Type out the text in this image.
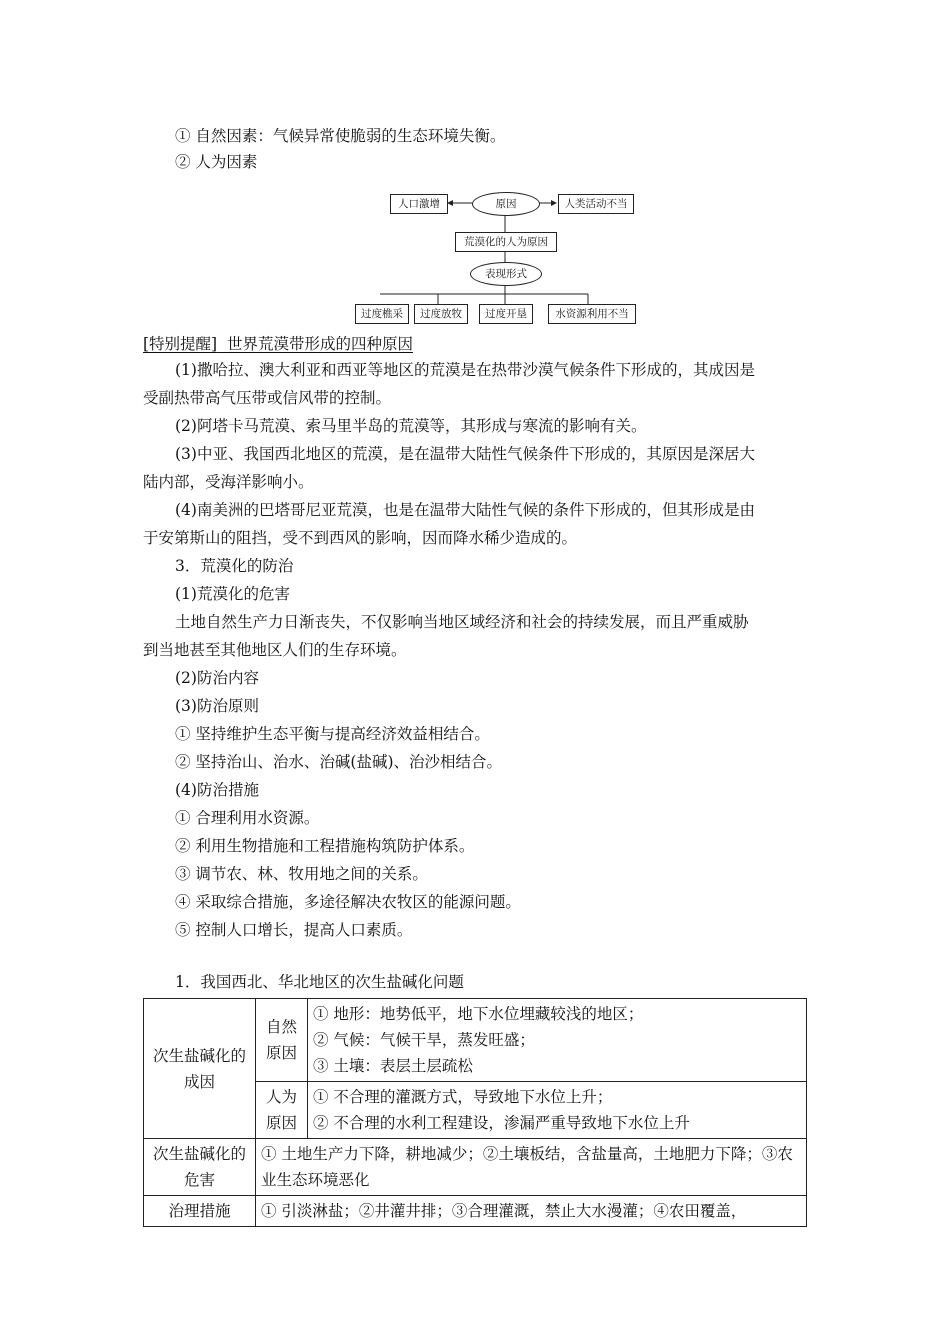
① 自然因素：气候异常使脆弱的生态环境失衡。
② 人为因素
原因
人口激增	人类活动不当
荒漠化的人为原因
表现形式
过度樵采	过度放牧	过度开垦	水资源利用不当
[特别提醒] 世界荒漠带形成的四种原因
(1)撒哈拉、澳大利亚和西亚等地区的荒漠是在热带沙漠气候条件下形成的，其成因是
受副热带高气压带或信风带的控制。
(2)阿塔卡马荒漠、索马里半岛的荒漠等，其形成与寒流的影响有关。
(3)中亚、我国西北地区的荒漠，是在温带大陆性气候条件下形成的，其原因是深居大
陆内部，受海洋影响小。
(4)南美洲的巴塔哥尼亚荒漠，也是在温带大陆性气候的条件下形成的，但其形成是由
于安第斯山的阻挡，受不到西风的影响，因而降水稀少造成的。
3．荒漠化的防治
(1)荒漠化的危害
土地自然生产力日渐丧失，不仅影响当地区域经济和社会的持续发展，而且严重威胁
到当地甚至其他地区人们的生存环境。
(2)防治内容
(3)防治原则
① 坚持维护生态平衡与提高经济效益相结合。
② 坚持治山、治水、治碱(盐碱)、治沙相结合。
(4)防治措施
① 合理利用水资源。
② 利用生物措施和工程措施构筑防护体系。
③ 调节农、林、牧用地之间的关系。
④ 采取综合措施，多途径解决农牧区的能源问题。
⑤ 控制人口增长，提高人口素质。
1．我国西北、华北地区的次生盐碱化问题
次生盐碱化的成因	自然原因	① 地形：地势低平，地下水位埋藏较浅的地区；
② 气候：气候干旱，蒸发旺盛；
③ 土壤：表层土层疏松

	人为原因	① 不合理的灌溉方式，导致地下水位上升；
② 不合理的水利工程建设，渗漏严重导致地下水位上升

次生盐碱化的危害	① 土地生产力下降，耕地减少；②土壤板结，含盐量高，土地肥力下降；③农业生态环境恶化	
治理措施	① 引淡淋盐；②井灌井排；③合理灌溉，禁止大水漫灌；④农田覆盖，	
